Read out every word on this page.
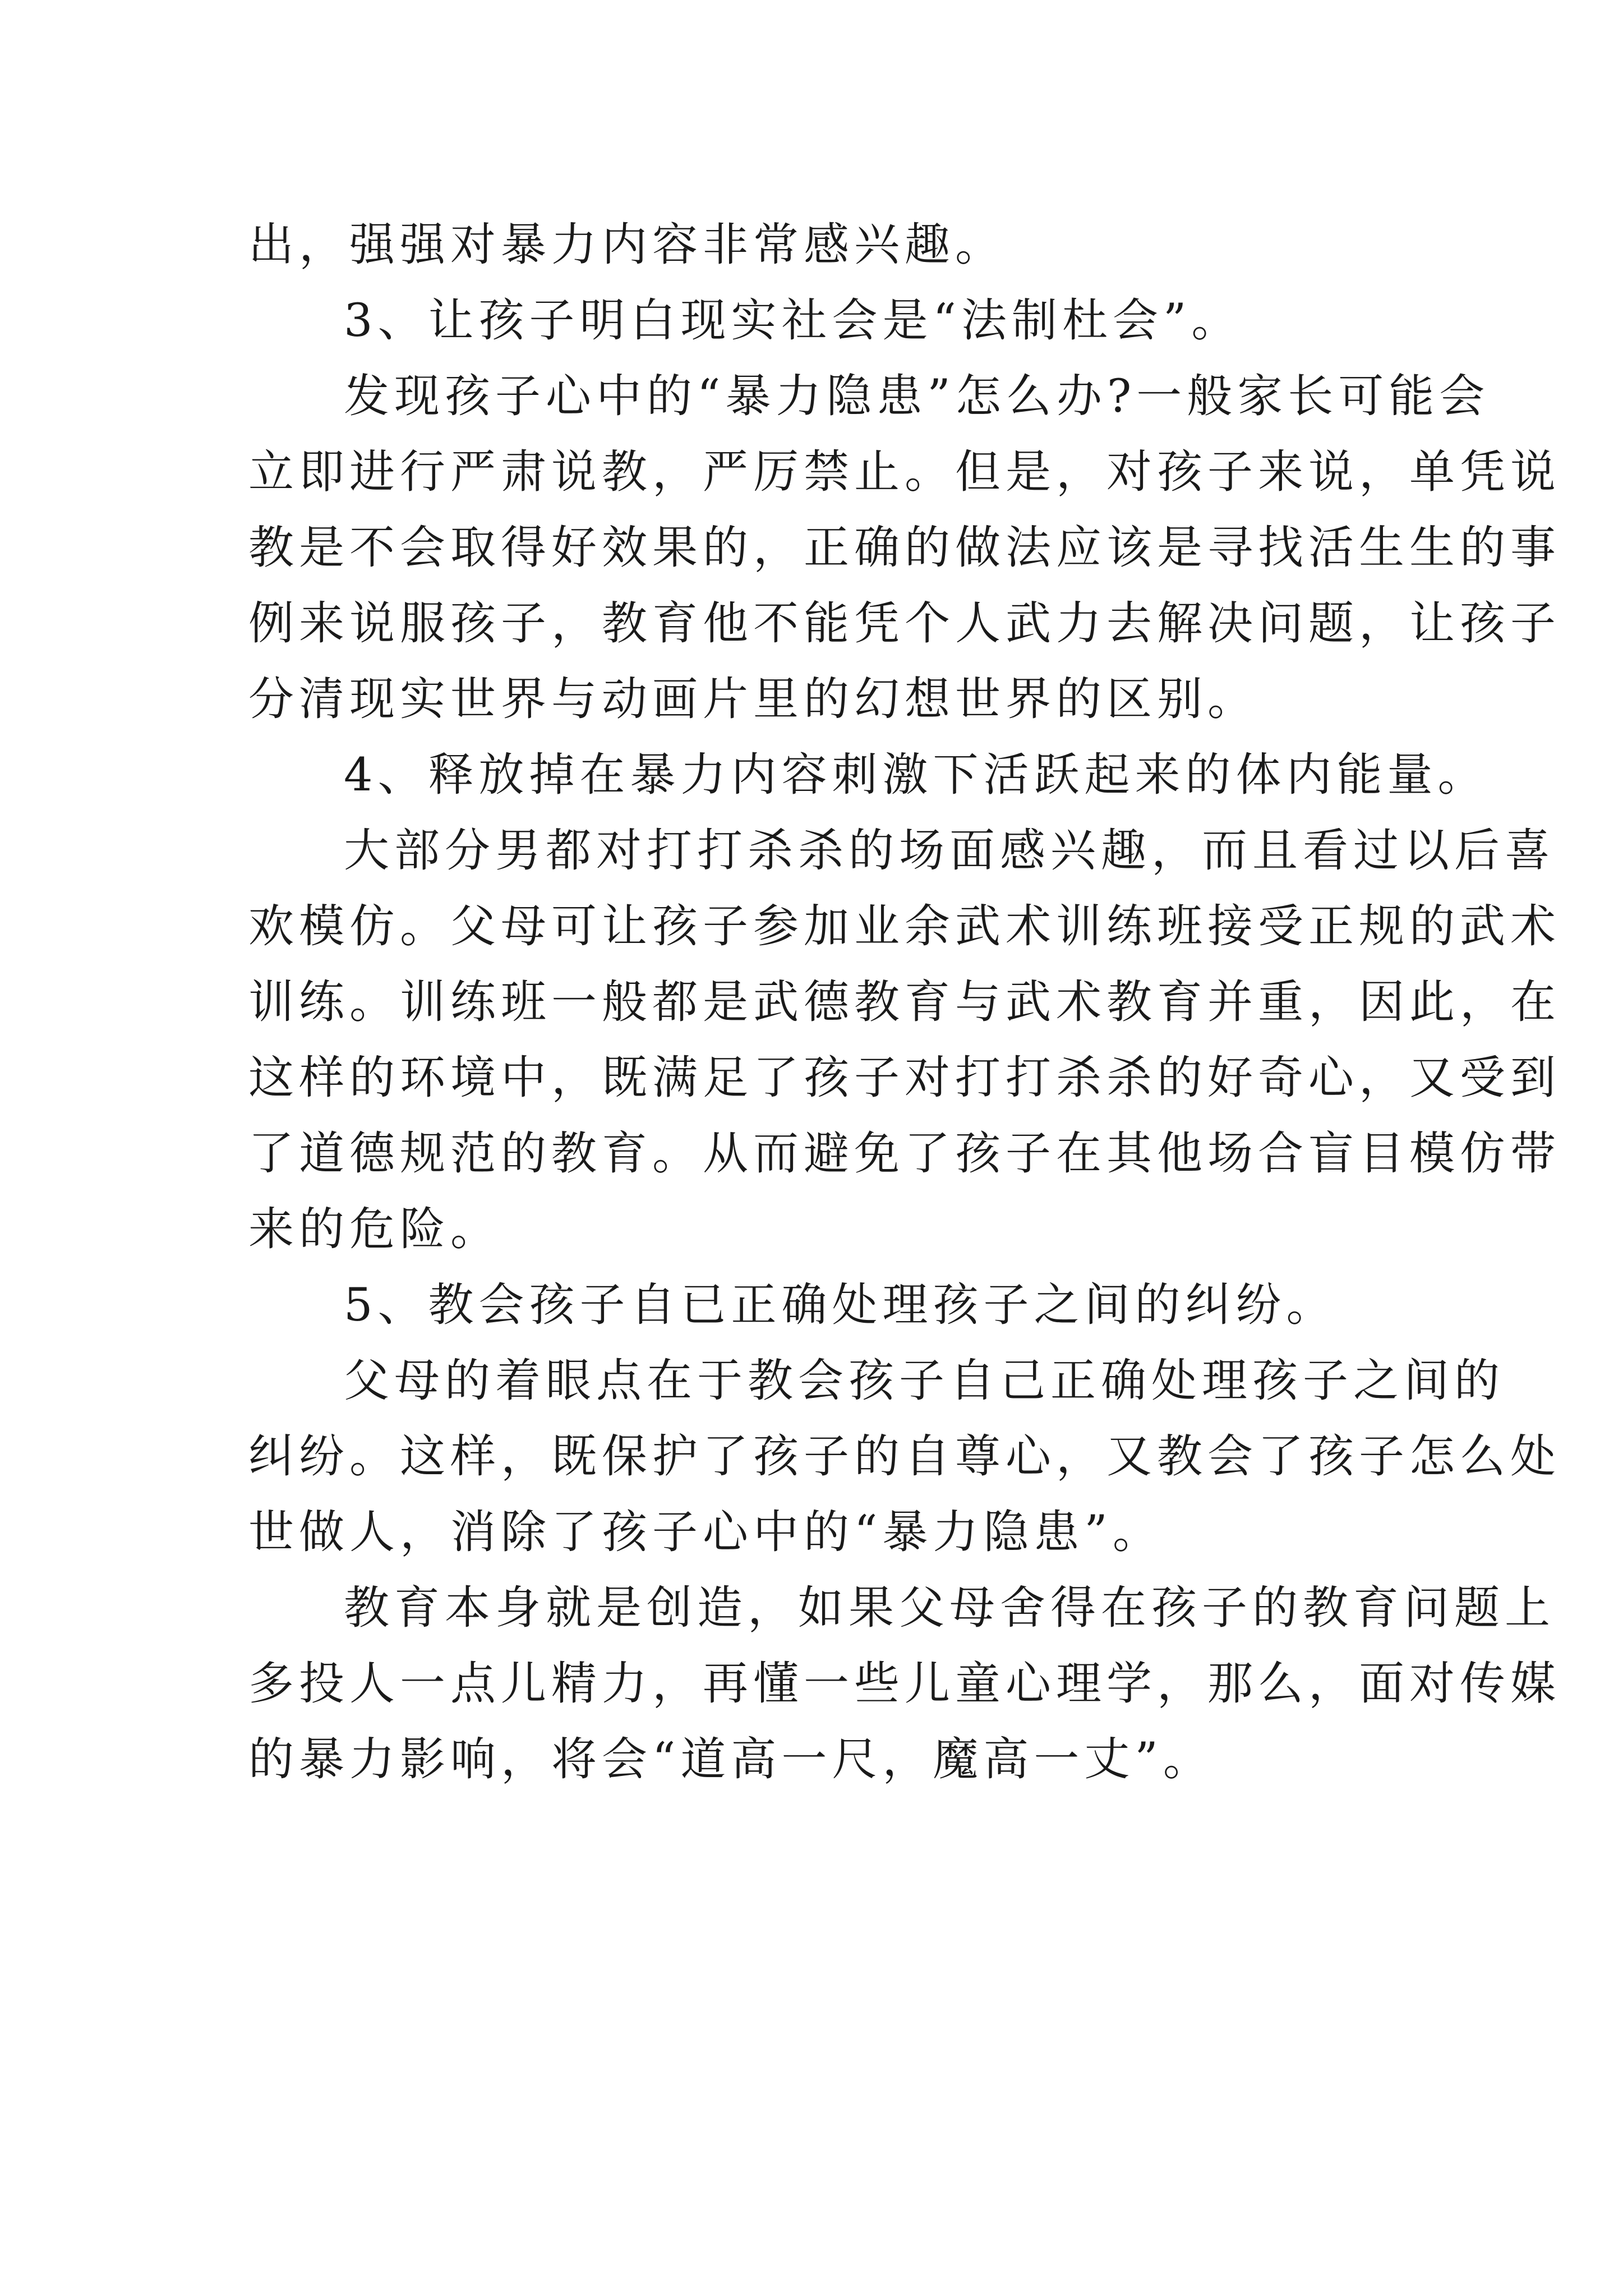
出，强强对暴力内容非常感兴趣。
3、让孩子明白现实社会是“法制杜会”。
发现孩子心中的“暴力隐患”怎么办?一般家长可能会
立即进行严肃说教，严厉禁止。但是，对孩子来说，单凭说
教是不会取得好效果的，正确的做法应该是寻找活生生的事
例来说服孩子，教育他不能凭个人武力去解决问题，让孩子
分清现实世界与动画片里的幻想世界的区别。
4、释放掉在暴力内容刺激下活跃起来的体内能量。
大部分男都对打打杀杀的场面感兴趣，而且看过以后喜
欢模仿。父母可让孩子参加业余武术训练班接受正规的武术
训练。训练班一般都是武德教育与武术教育并重，因此，在
这样的环境中，既满足了孩子对打打杀杀的好奇心，又受到
了道德规范的教育。从而避免了孩子在其他场合盲目模仿带
来的危险。
5、教会孩子自已正确处理孩子之间的纠纷。
父母的着眼点在于教会孩子自己正确处理孩子之间的
纠纷。这样，既保护了孩子的自尊心，又教会了孩子怎么处
世做人，消除了孩子心中的“暴力隐患”。
教育本身就是创造，如果父母舍得在孩子的教育问题上
多投人一点儿精力，再懂一些儿童心理学，那么，面对传媒
的暴力影响，将会“道高一尺，魔高一丈”。
